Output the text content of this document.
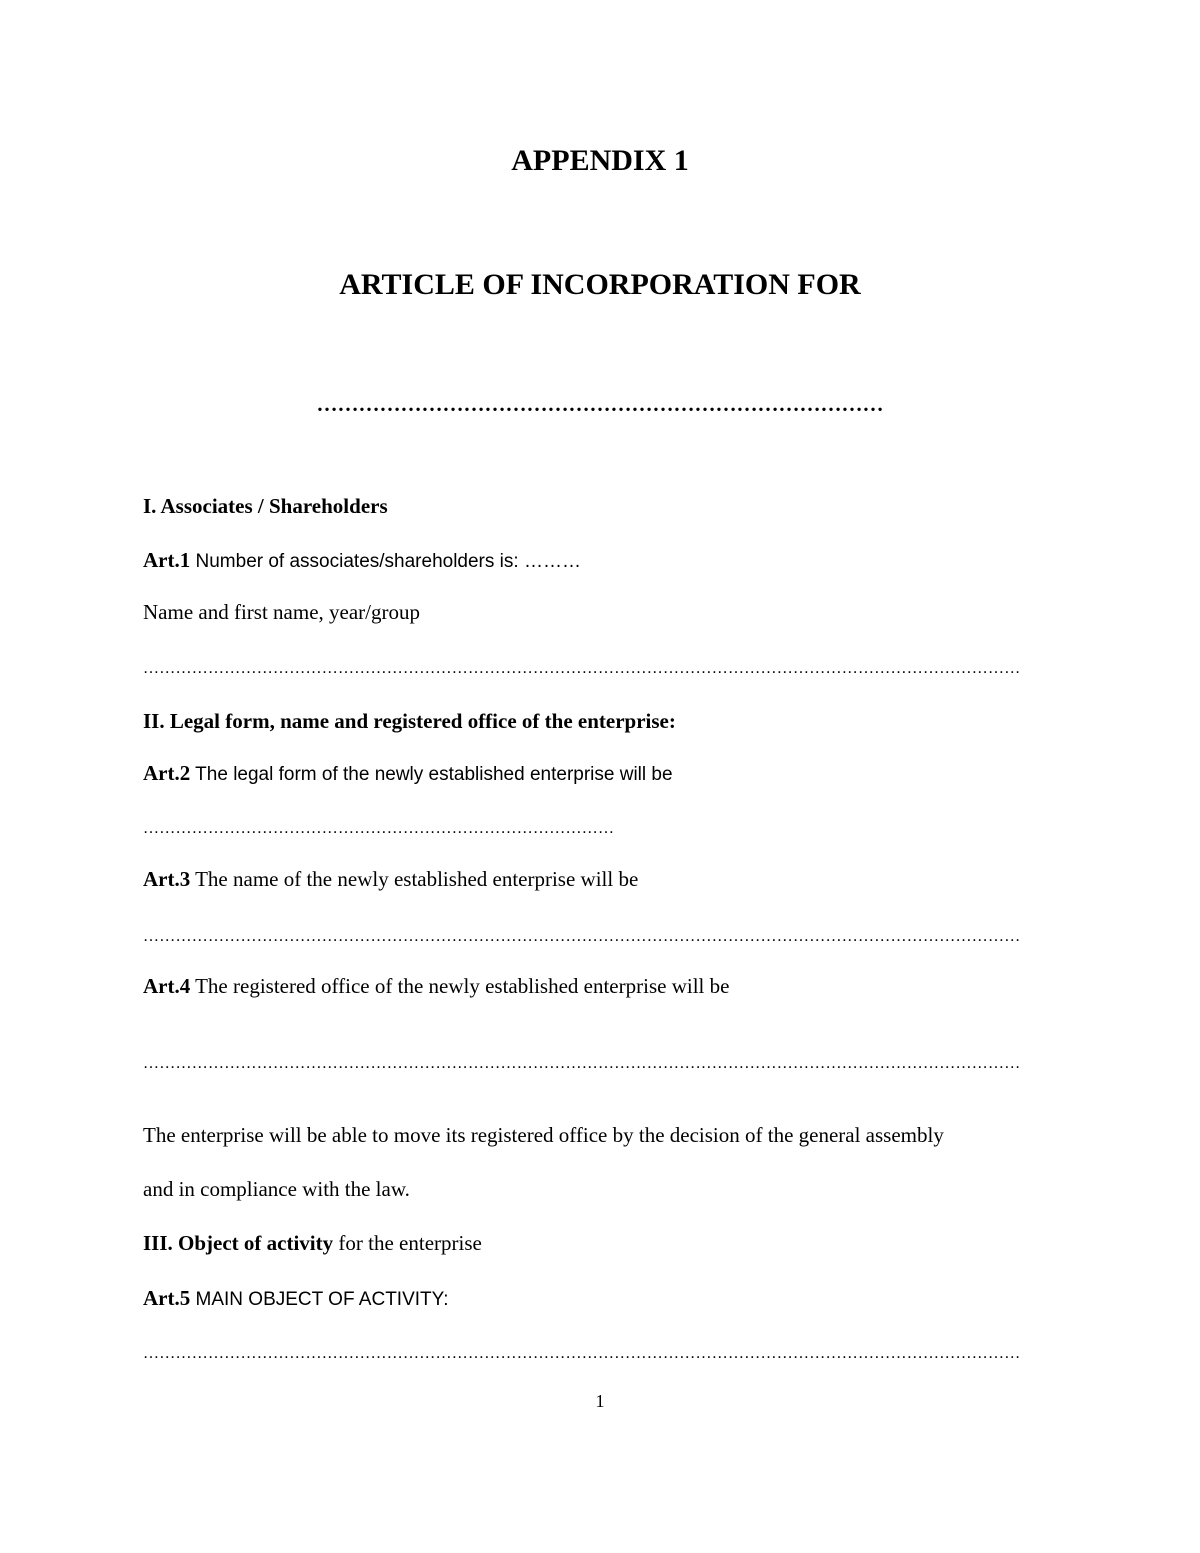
APPENDIX 1
ARTICLE OF INCORPORATION FOR
………………………………………………………………………
I. Associates / Shareholders
Art.1 Number of associates/shareholders is: ………
Name and first name, year/group
………………………………………………………………………………………………………………………………………………
II. Legal form, name and registered office of the enterprise:
Art.2 The legal form of the newly established enterprise will be
……………………………………………………………………………
Art.3 The name of the newly established enterprise will be
………………………………………………………………………………………………………………………………………………
Art.4 The registered office of the newly established enterprise will be
………………………………………………………………………………………………………………………………………………
The enterprise will be able to move its registered office by the decision of the general assembly
and in compliance with the law.
III. Object of activity for the enterprise
Art.5 MAIN OBJECT OF ACTIVITY:
………………………………………………………………………………………………………………………………………………
1
